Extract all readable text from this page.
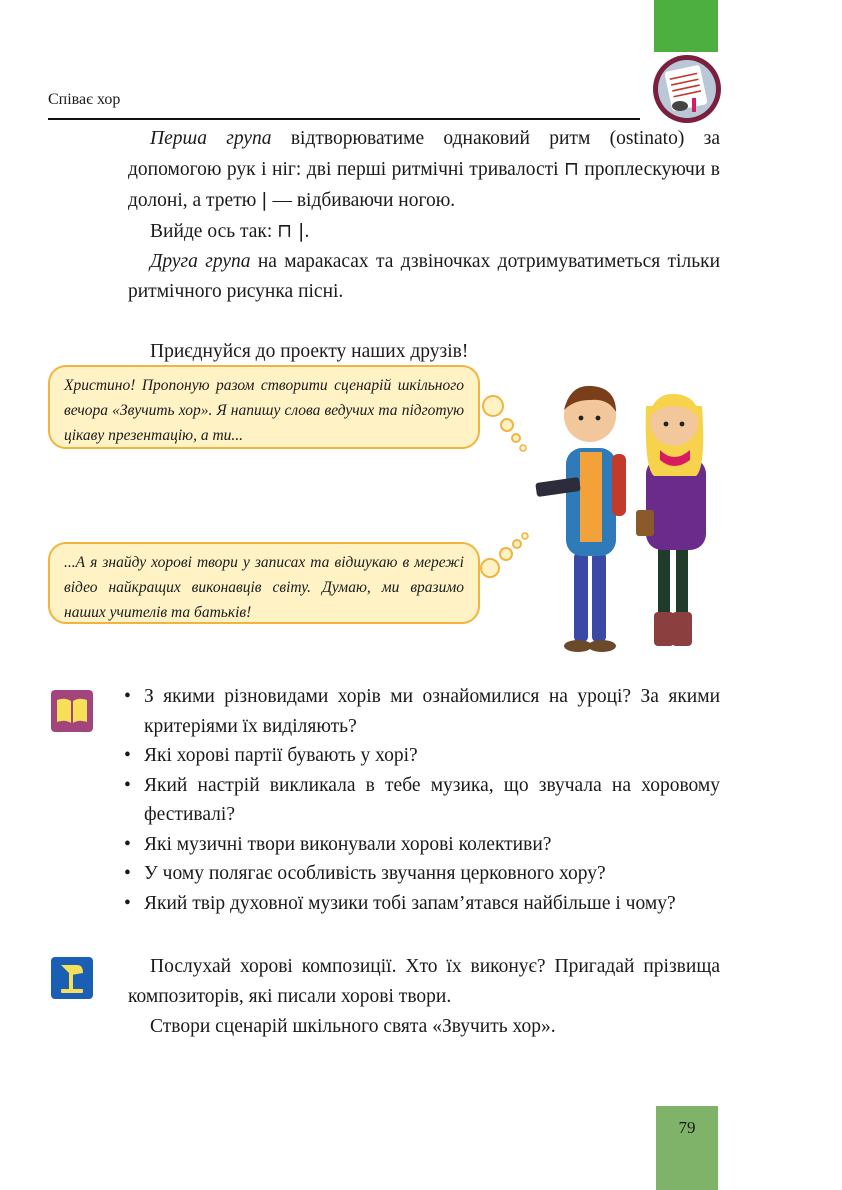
Співає хор

Перша група відтворюватиме однаковий ритм (ostinato) за допомогою рук і ніг: дві перші ритмічні тривалості ⊓ проплескуючи в долоні, а третю | — відбиваючи ногою.

Вийде ось так: ⊓ |.

Друга група на маракасах та дзвіночках дотримуватиметься тільки ритмічного рисунка пісні.

Приєднуйся до проекту наших друзів!

Христино! Пропоную разом створити сценарій шкільного вечора «Звучить хор». Я напишу слова ведучих та підготую цікаву презентацію, а ти...
...А я знайду хорові твори у записах та відшукаю в мережі відео найкращих виконавців світу. Думаю, ми вразимо наших учителів та батьків!
• З якими різновидами хорів ми ознайомилися на уроці? За якими критеріями їх виділяють?
• Які хорові партії бувають у хорі?
• Який настрій викликала в тебе музика, що звучала на хоровому фестивалі?
• Які музичні твори виконували хорові колективи?
• У чому полягає особливість звучання церковного хору?
• Який твір духовної музики тобі запам’ятався найбільше і чому?

Послухай хорові композиції. Хто їх виконує? Пригадай прізвища композиторів, які писали хорові твори.

Створи сценарій шкільного свята «Звучить хор».

79
